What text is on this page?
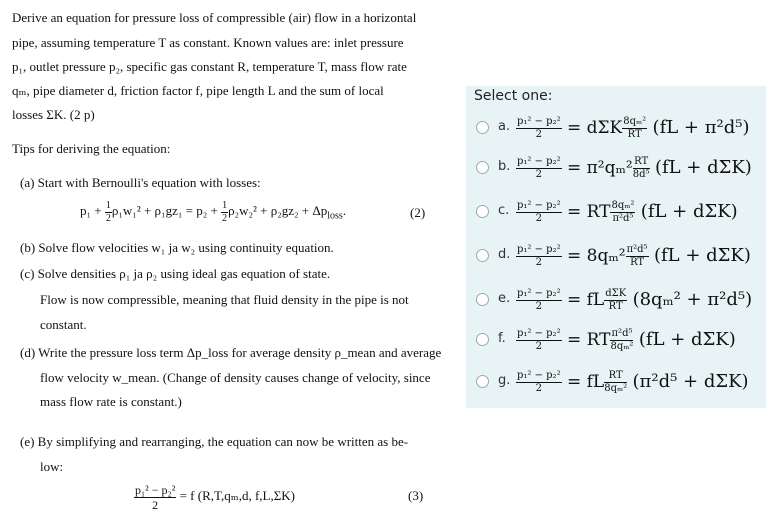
Derive an equation for pressure loss of compressible (air) flow in a horizontal
pipe, assuming temperature T as constant. Known values are: inlet pressure
p₁, outlet pressure p₂, specific gas constant R, temperature T, mass flow rate
qₘ, pipe diameter d, friction factor f, pipe length L and the sum of local
losses ΣK. (2 p)
Tips for deriving the equation:
(a) Start with Bernoulli's equation with losses:
$p_1 + \frac{1}{2} \rho_1w_1^2 + \rho_1gz_1 = p_2 + \frac{1}{2} \rho_2w_2^2 + \rho_2gz_2 + \Delta p_{loss}$.	(2)
(b) Solve flow velocities w₁ ja w₂ using continuity equation.
(c) Solve densities ρ₁ ja ρ₂ using ideal gas equation of state.
Flow is now compressible, meaning that fluid density in the pipe is not
constant.
(d) Write the pressure loss term Δp_loss for average density ρ_mean and average
flow velocity w_mean. (Change of density causes change of velocity, since
mass flow rate is constant.)
(e) By simplifying and rearranging, the equation can now be written as be-
low:
$\frac{\text{p₁² − p₂²}}{2} = f$ (R,T,qₘ,d, f,L,ΣK)	(3)
Select one:
a. $\frac{\text{p₁² − p₂²}}{2} = d\Sigma K \frac{\text{8qₘ²}}{RT} (fL + \pi^2d^5)$
b. $\frac{\text{p₁² − p₂²}}{2} = \pi^2q_m^2 \frac{RT}{\text{8d⁵}} (fL + d\Sigma K)$
c. $\frac{\text{p₁² − p₂²}}{2}$ = RT $\frac{\text{8qₘ²}}{\text{π²d⁵}} (fL + d\Sigma K)$
d. $\frac{\text{p₁² − p₂²}}{2} = 8q_m^2 \frac{\text{π²d⁵}}{RT} (fL + d\Sigma K)$
e. $\frac{\text{p₁² − p₂²}}{2}$ = fL $\frac{\text{dΣK}}{RT} (8q_m^2 + \pi^2d^5)$
f. $\frac{\text{p₁² − p₂²}}{2}$ = RT $\frac{\text{π²d⁵}}{\text{8qₘ²}} (fL + d\Sigma K)$
g. $\frac{\text{p₁² − p₂²}}{2}$ = fL $\frac{RT}{\text{8qₘ²}} (\pi^2d^5 + d\Sigma K)$
